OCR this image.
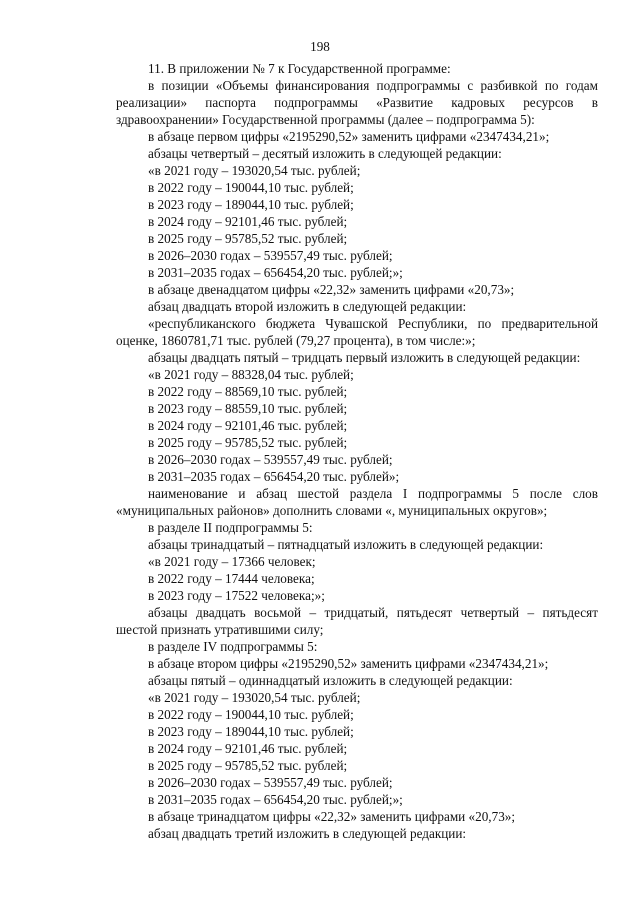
198

11. В приложении № 7 к Государственной программе:

в позиции «Объемы финансирования подпрограммы с разбивкой по годам реализации» паспорта подпрограммы «Развитие кадровых ресурсов в здравоохранении» Государственной программы (далее – подпрограмма 5):

в абзаце первом цифры «2195290,52» заменить цифрами «2347434,21»;

абзацы четвертый – десятый изложить в следующей редакции:

«в 2021 году – 193020,54 тыс. рублей;

в 2022 году – 190044,10 тыс. рублей;

в 2023 году – 189044,10 тыс. рублей;

в 2024 году – 92101,46 тыс. рублей;

в 2025 году – 95785,52 тыс. рублей;

в 2026–2030 годах – 539557,49 тыс. рублей;

в 2031–2035 годах – 656454,20 тыс. рублей;»;

в абзаце двенадцатом цифры «22,32» заменить цифрами «20,73»;

абзац двадцать второй изложить в следующей редакции:

«республиканского бюджета Чувашской Республики, по предварительной оценке, 1860781,71 тыс. рублей (79,27 процента), в том числе:»;

абзацы двадцать пятый – тридцать первый изложить в следующей редакции:

«в 2021 году – 88328,04 тыс. рублей;

в 2022 году – 88569,10 тыс. рублей;

в 2023 году – 88559,10 тыс. рублей;

в 2024 году – 92101,46 тыс. рублей;

в 2025 году – 95785,52 тыс. рублей;

в 2026–2030 годах – 539557,49 тыс. рублей;

в 2031–2035 годах – 656454,20 тыс. рублей»;

наименование и абзац шестой раздела I подпрограммы 5 после слов «муниципальных районов» дополнить словами «, муниципальных округов»;

в разделе II подпрограммы 5:

абзацы тринадцатый – пятнадцатый изложить в следующей редакции:

«в 2021 году – 17366 человек;

в 2022 году – 17444 человека;

в 2023 году – 17522 человека;»;

абзацы двадцать восьмой – тридцатый, пятьдесят четвертый – пятьдесят шестой признать утратившими силу;

в разделе IV подпрограммы 5:

в абзаце втором цифры «2195290,52» заменить цифрами «2347434,21»;

абзацы пятый – одиннадцатый изложить в следующей редакции:

«в 2021 году – 193020,54 тыс. рублей;

в 2022 году – 190044,10 тыс. рублей;

в 2023 году – 189044,10 тыс. рублей;

в 2024 году – 92101,46 тыс. рублей;

в 2025 году – 95785,52 тыс. рублей;

в 2026–2030 годах – 539557,49 тыс. рублей;

в 2031–2035 годах – 656454,20 тыс. рублей;»;

в абзаце тринадцатом цифры «22,32» заменить цифрами «20,73»;

абзац двадцать третий изложить в следующей редакции:
